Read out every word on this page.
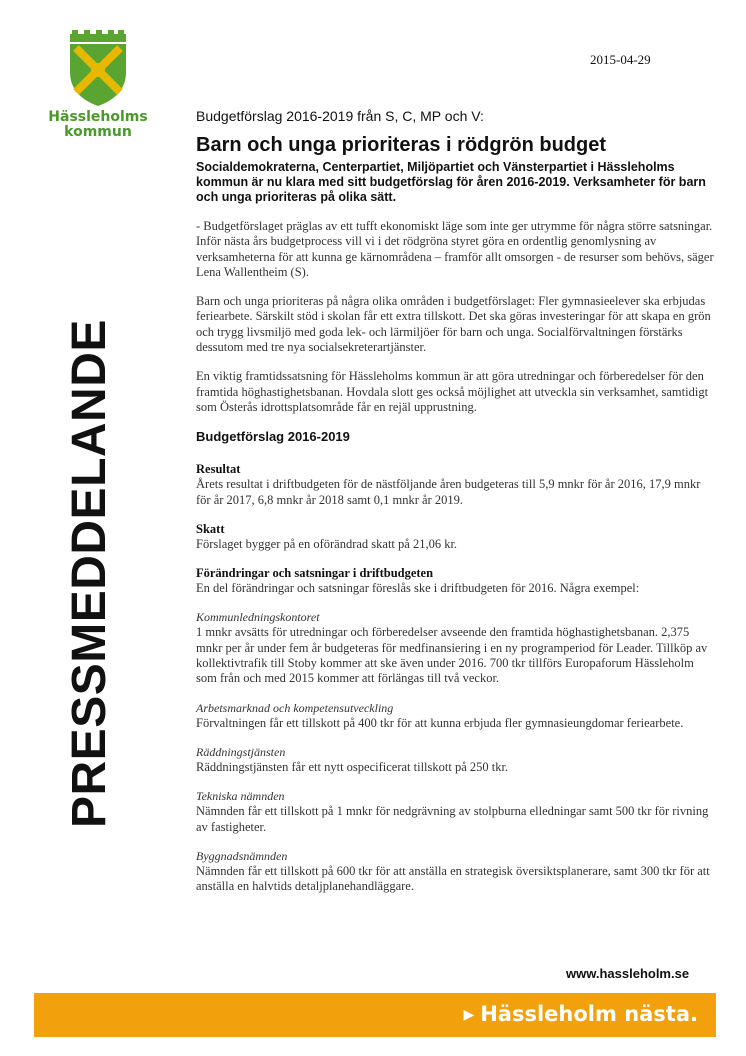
Hässleholms
kommun
2015-04-29
PRESSMEDDELANDE
Budgetförslag 2016-2019 från S, C, MP och V:
Barn och unga prioriteras i rödgrön budget
Socialdemokraterna, Centerpartiet, Miljöpartiet och Vänsterpartiet i Hässleholms kommun är nu klara med sitt budgetförslag för åren 2016-2019. Verksamheter för barn och unga prioriteras på olika sätt.

- Budgetförslaget präglas av ett tufft ekonomiskt läge som inte ger utrymme för några större satsningar. Inför nästa års budgetprocess vill vi i det rödgröna styret göra en ordentlig genomlysning av verksamheterna för att kunna ge kärnområdena – framför allt omsorgen - de resurser som behövs, säger Lena Wallentheim (S).

Barn och unga prioriteras på några olika områden i budgetförslaget: Fler gymnasieelever ska erbjudas feriearbete. Särskilt stöd i skolan får ett extra tillskott. Det ska göras investeringar för att skapa en grön och trygg livsmiljö med goda lek- och lärmiljöer för barn och unga. Socialförvaltningen förstärks dessutom med tre nya socialsekreterartjänster.

En viktig framtidssatsning för Hässleholms kommun är att göra utredningar och förberedelser för den framtida höghastighetsbanan. Hovdala slott ges också möjlighet att utveckla sin verksamhet, samtidigt som Österås idrottsplatsområde får en rejäl upprustning.

Budgetförslag 2016-2019
Resultat

Årets resultat i driftbudgeten för de nästföljande åren budgeteras till 5,9 mnkr för år 2016, 17,9 mnkr för år 2017, 6,8 mnkr år 2018 samt 0,1 mnkr år 2019.

Skatt

Förslaget bygger på en oförändrad skatt på 21,06 kr.

Förändringar och satsningar i driftbudgeten

En del förändringar och satsningar föreslås ske i driftbudgeten för 2016. Några exempel:

Kommunledningskontoret

1 mnkr avsätts för utredningar och förberedelser avseende den framtida höghastighetsbanan. 2,375 mnkr per år under fem år budgeteras för medfinansiering i en ny programperiod för Leader. Tillköp av kollektivtrafik till Stoby kommer att ske även under 2016. 700 tkr tillförs Europaforum Hässleholm som från och med 2015 kommer att förlängas till två veckor.

Arbetsmarknad och kompetensutveckling

Förvaltningen får ett tillskott på 400 tkr för att kunna erbjuda fler gymnasieungdomar feriearbete.

Räddningstjänsten

Räddningstjänsten får ett nytt ospecificerat tillskott på 250 tkr.

Tekniska nämnden

Nämnden får ett tillskott på 1 mnkr för nedgrävning av stolpburna elledningar samt 500 tkr för rivning av fastigheter.

Byggnadsnämnden

Nämnden får ett tillskott på 600 tkr för att anställa en strategisk översiktsplanerare, samt 300 tkr för att anställa en halvtids detaljplanehandläggare.

www.hassleholm.se
▶ Hässleholm nästa.
